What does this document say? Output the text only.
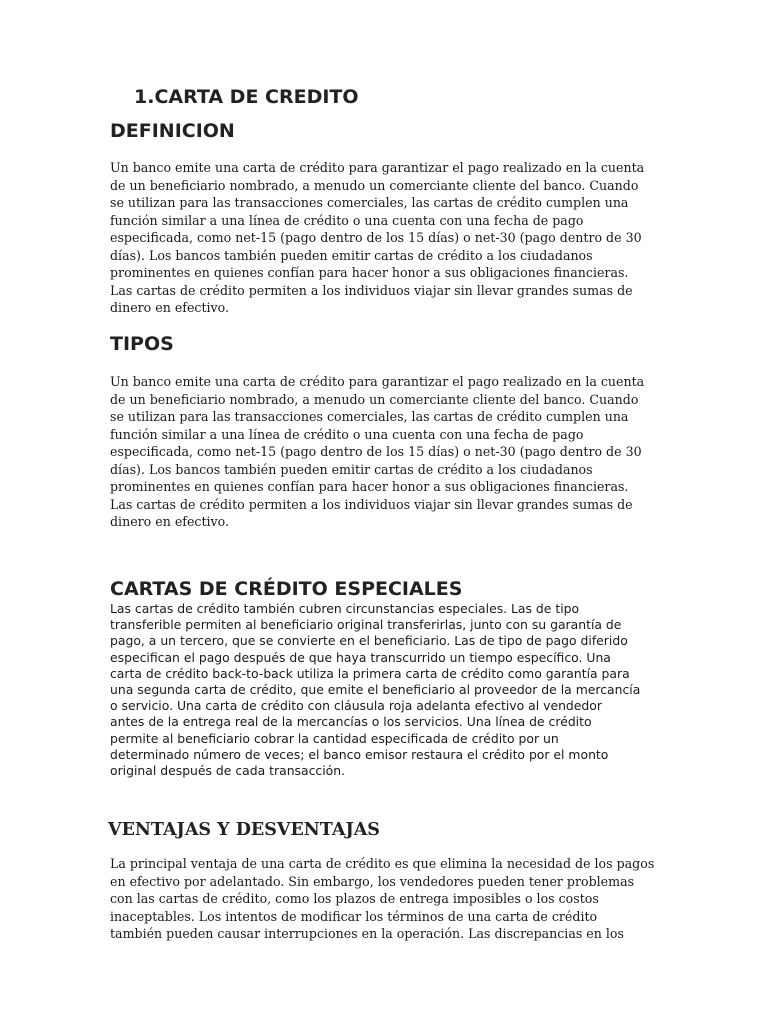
1.CARTA DE CREDITO
DEFINICION

Un banco emite una carta de crédito para garantizar el pago realizado en la cuenta
de un beneficiario nombrado, a menudo un comerciante cliente del banco. Cuando
se utilizan para las transacciones comerciales, las cartas de crédito cumplen una
función similar a una línea de crédito o una cuenta con una fecha de pago
especificada, como net-15 (pago dentro de los 15 días) o net-30 (pago dentro de 30
días). Los bancos también pueden emitir cartas de crédito a los ciudadanos
prominentes en quienes confían para hacer honor a sus obligaciones financieras.
Las cartas de crédito permiten a los individuos viajar sin llevar grandes sumas de
dinero en efectivo.

TIPOS

Un banco emite una carta de crédito para garantizar el pago realizado en la cuenta
de un beneficiario nombrado, a menudo un comerciante cliente del banco. Cuando
se utilizan para las transacciones comerciales, las cartas de crédito cumplen una
función similar a una línea de crédito o una cuenta con una fecha de pago
especificada, como net-15 (pago dentro de los 15 días) o net-30 (pago dentro de 30
días). Los bancos también pueden emitir cartas de crédito a los ciudadanos
prominentes en quienes confían para hacer honor a sus obligaciones financieras.
Las cartas de crédito permiten a los individuos viajar sin llevar grandes sumas de
dinero en efectivo.

CARTAS DE CRÉDITO ESPECIALES

Las cartas de crédito también cubren circunstancias especiales. Las de tipo
transferible permiten al beneficiario original transferirlas, junto con su garantía de
pago, a un tercero, que se convierte en el beneficiario. Las de tipo de pago diferido
especifican el pago después de que haya transcurrido un tiempo específico. Una
carta de crédito back-to-back utiliza la primera carta de crédito como garantía para
una segunda carta de crédito, que emite el beneficiario al proveedor de la mercancía
o servicio. Una carta de crédito con cláusula roja adelanta efectivo al vendedor
antes de la entrega real de la mercancías o los servicios. Una línea de crédito
permite al beneficiario cobrar la cantidad especificada de crédito por un
determinado número de veces; el banco emisor restaura el crédito por el monto
original después de cada transacción.

VENTAJAS Y DESVENTAJAS

La principal ventaja de una carta de crédito es que elimina la necesidad de los pagos
en efectivo por adelantado. Sin embargo, los vendedores pueden tener problemas
con las cartas de crédito, como los plazos de entrega imposibles o los costos
inaceptables. Los intentos de modificar los términos de una carta de crédito
también pueden causar interrupciones en la operación. Las discrepancias en los
